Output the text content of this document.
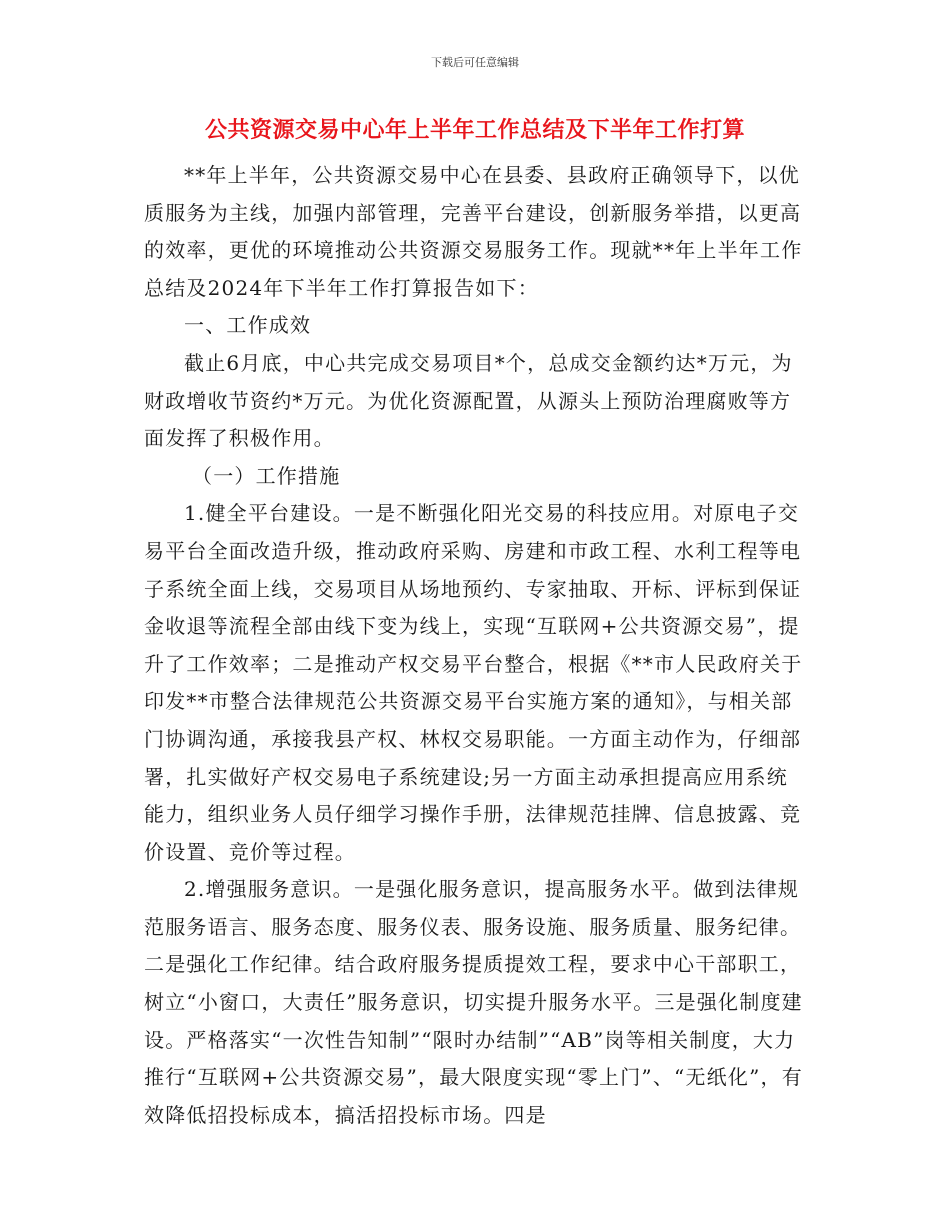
下载后可任意编辑
公共资源交易中心年上半年工作总结及下半年工作打算

**年上半年，公共资源交易中心在县委、县政府正确领导下，以优质服务为主线，加强内部管理，完善平台建设，创新服务举措，以更高的效率，更优的环境推动公共资源交易服务工作。现就**年上半年工作总结及2024年下半年工作打算报告如下：

一、工作成效

截止6月底，中心共完成交易项目*个，总成交金额约达*万元，为财政增收节资约*万元。为优化资源配置，从源头上预防治理腐败等方面发挥了积极作用。

（一）工作措施

1.健全平台建设。一是不断强化阳光交易的科技应用。对原电子交易平台全面改造升级，推动政府采购、房建和市政工程、水利工程等电子系统全面上线，交易项目从场地预约、专家抽取、开标、评标到保证金收退等流程全部由线下变为线上，实现“互联网+公共资源交易”，提升了工作效率；二是推动产权交易平台整合，根据《**市人民政府关于印发**市整合法律规范公共资源交易平台实施方案的通知》，与相关部门协调沟通，承接我县产权、林权交易职能。一方面主动作为，仔细部署，扎实做好产权交易电子系统建设;另一方面主动承担提高应用系统能力，组织业务人员仔细学习操作手册，法律规范挂牌、信息披露、竞价设置、竞价等过程。

2.增强服务意识。一是强化服务意识，提高服务水平。做到法律规范服务语言、服务态度、服务仪表、服务设施、服务质量、服务纪律。二是强化工作纪律。结合政府服务提质提效工程，要求中心干部职工，树立“小窗口，大责任”服务意识，切实提升服务水平。三是强化制度建设。严格落实“一次性告知制”“限时办结制”“AB”岗等相关制度，大力推行“互联网+公共资源交易”，最大限度实现“零上门”、“无纸化”，有效降低招投标成本，搞活招投标市场。四是
